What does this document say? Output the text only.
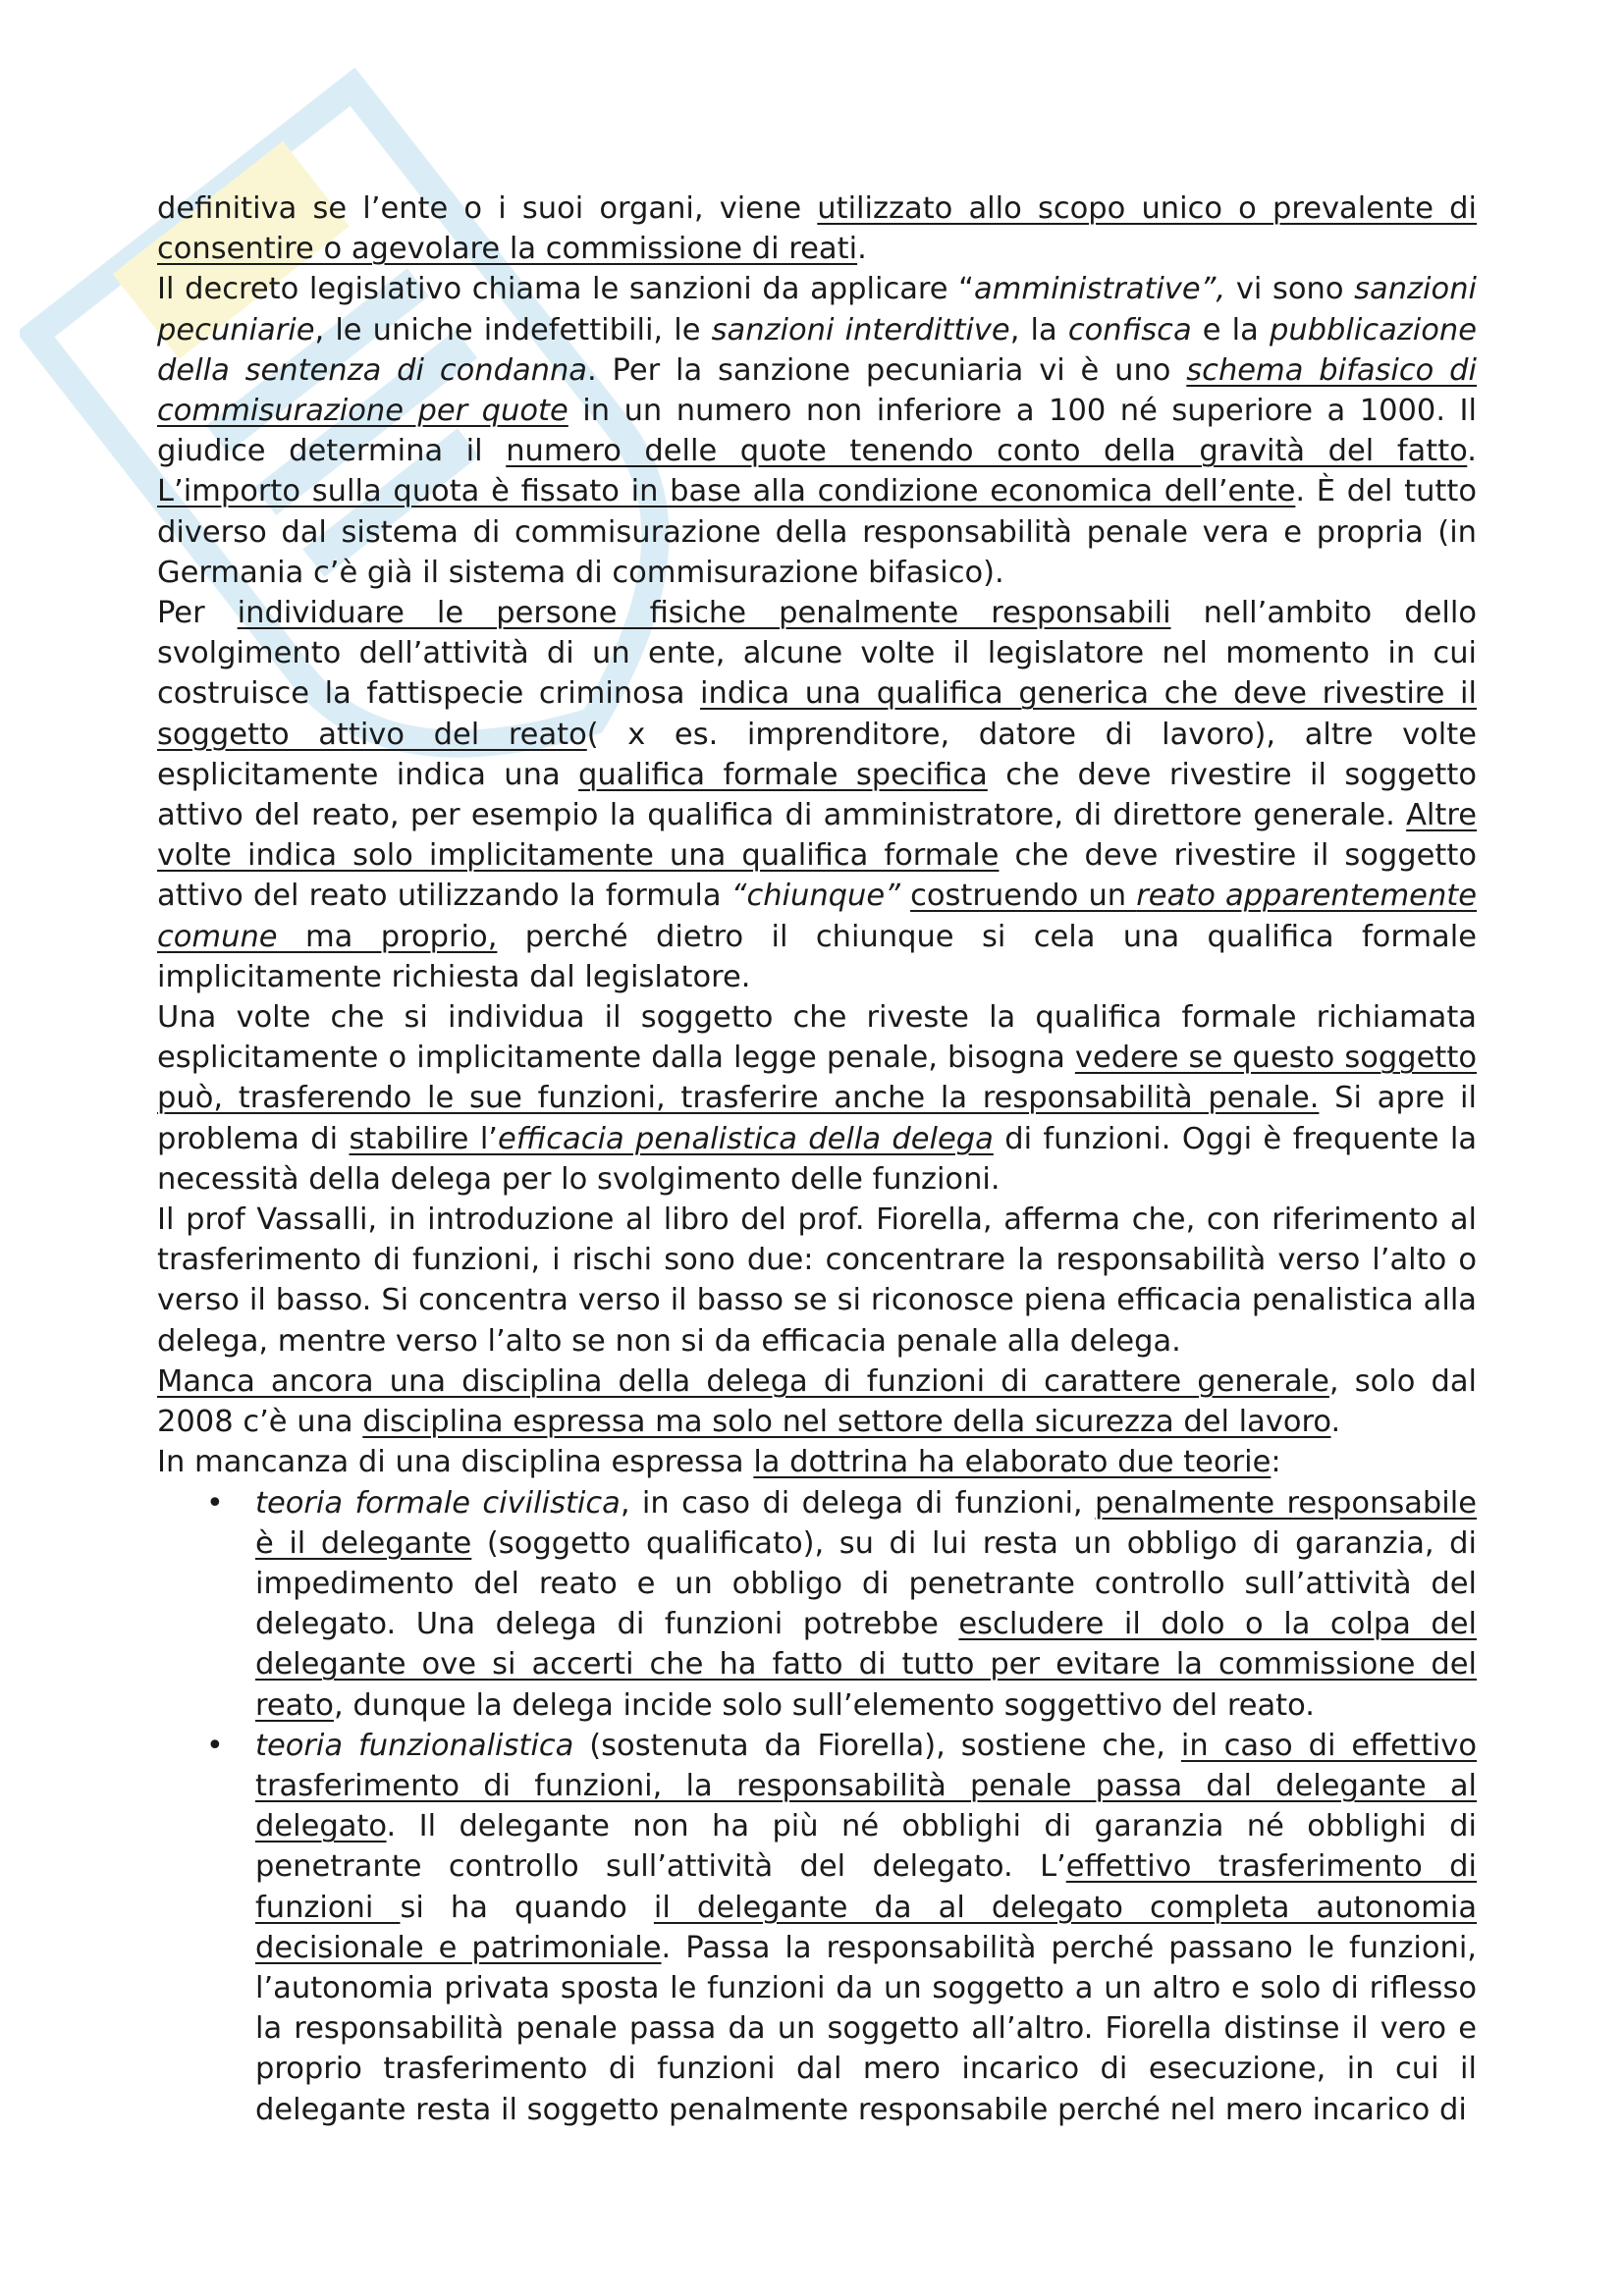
definitiva se l’ente o i suoi organi, viene utilizzato allo scopo unico o prevalente di consentire o agevolare la commissione di reati.

Il decreto legislativo chiama le sanzioni da applicare “amministrative”, vi sono sanzioni pecuniarie, le uniche indefettibili, le sanzioni interdittive, la confisca e la pubblicazione della sentenza di condanna. Per la sanzione pecuniaria vi è uno schema bifasico di commisurazione per quote in un numero non inferiore a 100 né superiore a 1000. Il giudice determina il numero delle quote tenendo conto della gravità del fatto. L’importo sulla quota è fissato in base alla condizione economica dell’ente. È del tutto diverso dal sistema di commisurazione della responsabilità penale vera e propria (in Germania c’è già il sistema di commisurazione bifasico).

Per individuare le persone fisiche penalmente responsabili nell’ambito dello svolgimento dell’attività di un ente, alcune volte il legislatore nel momento in cui costruisce la fattispecie criminosa indica una qualifica generica che deve rivestire il soggetto attivo del reato( x es. imprenditore, datore di lavoro), altre volte esplicitamente indica una qualifica formale specifica che deve rivestire il soggetto attivo del reato, per esempio la qualifica di amministratore, di direttore generale. Altre volte indica solo implicitamente una qualifica formale che deve rivestire il soggetto attivo del reato utilizzando la formula “chiunque” costruendo un reato apparentemente comune ma proprio, perché dietro il chiunque si cela una qualifica formale implicitamente richiesta dal legislatore.

Una volte che si individua il soggetto che riveste la qualifica formale richiamata esplicitamente o implicitamente dalla legge penale, bisogna vedere se questo soggetto può, trasferendo le sue funzioni, trasferire anche la responsabilità penale. Si apre il problema di stabilire l’efficacia penalistica della delega di funzioni. Oggi è frequente la necessità della delega per lo svolgimento delle funzioni.

Il prof Vassalli, in introduzione al libro del prof. Fiorella, afferma che, con riferimento al trasferimento di funzioni, i rischi sono due: concentrare la responsabilità verso l’alto o verso il basso. Si concentra verso il basso se si riconosce piena efficacia penalistica alla delega, mentre verso l’alto se non si da efficacia penale alla delega.

Manca ancora una disciplina della delega di funzioni di carattere generale, solo dal 2008 c’è una disciplina espressa ma solo nel settore della sicurezza del lavoro.

In mancanza di una disciplina espressa la dottrina ha elaborato due teorie:

• teoria formale civilistica, in caso di delega di funzioni, penalmente responsabile è il delegante (soggetto qualificato), su di lui resta un obbligo di garanzia, di impedimento del reato e un obbligo di penetrante controllo sull’attività del delegato. Una delega di funzioni potrebbe escludere il dolo o la colpa del delegante ove si accerti che ha fatto di tutto per evitare la commissione del reato, dunque la delega incide solo sull’elemento soggettivo del reato.
• teoria funzionalistica (sostenuta da Fiorella), sostiene che, in caso di effettivo trasferimento di funzioni, la responsabilità penale passa dal delegante al delegato. Il delegante non ha più né obblighi di garanzia né obblighi di penetrante controllo sull’attività del delegato. L’effettivo trasferimento di funzioni si ha quando il delegante da al delegato completa autonomia decisionale e patrimoniale. Passa la responsabilità perché passano le funzioni, l’autonomia privata sposta le funzioni da un soggetto a un altro e solo di riflesso la responsabilità penale passa da un soggetto all’altro. Fiorella distinse il vero e proprio trasferimento di funzioni dal mero incarico di esecuzione, in cui il delegante resta il soggetto penalmente responsabile perché nel mero incarico di
